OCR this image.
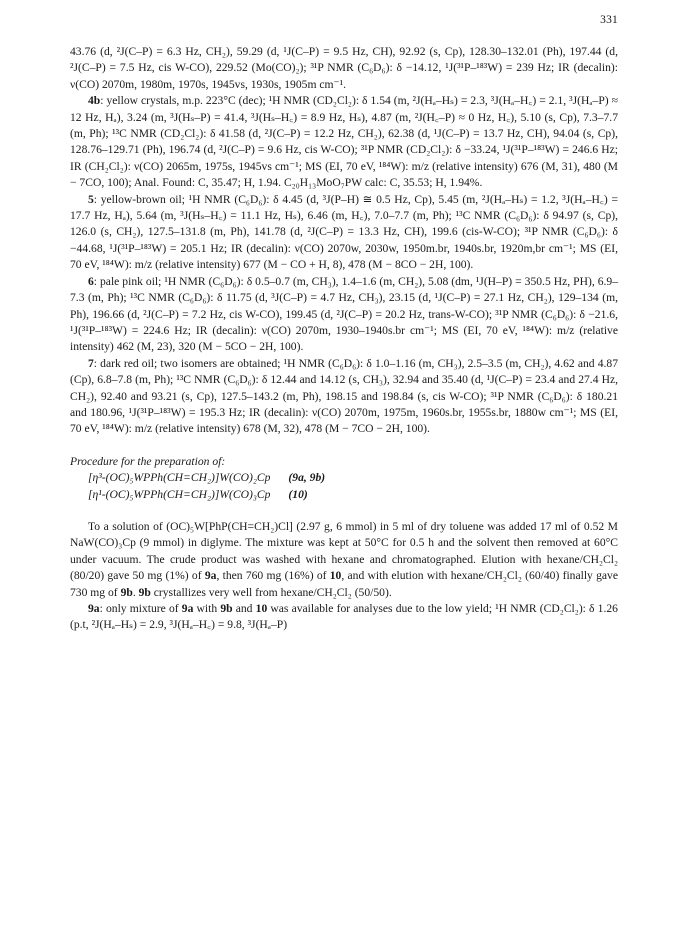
331

43.76 (d, ²J(C–P) = 6.3 Hz, CH₂), 59.29 (d, ¹J(C–P) = 9.5 Hz, CH), 92.92 (s, Cp), 128.30–132.01 (Ph), 197.44 (d, ²J(C–P) = 7.5 Hz, cis W-CO), 229.52 (Mo(CO)₂); ³¹P NMR (C₆D₆): δ −14.12, ¹J(³¹P–¹⁸³W) = 239 Hz; IR (decalin): ν(CO) 2070m, 1980m, 1970s, 1945vs, 1930s, 1905m cm⁻¹.

4b: yellow crystals, m.p. 223°C (dec); ¹H NMR (CD₂Cl₂): δ 1.54 (m, ²J(Hₐ–Hₛ) = 2.3, ³J(Hₐ–H꜀) = 2.1, ³J(Hₐ–P) ≈ 12 Hz, Hₐ), 3.24 (m, ³J(Hₛ–P) = 41.4, ³J(Hₛ–H꜀) = 8.9 Hz, Hₛ), 4.87 (m, ²J(H꜀–P) ≈ 0 Hz, H꜀), 5.10 (s, Cp), 7.3–7.7 (m, Ph); ¹³C NMR (CD₂Cl₂): δ 41.58 (d, ²J(C–P) = 12.2 Hz, CH₂), 62.38 (d, ¹J(C–P) = 13.7 Hz, CH), 94.04 (s, Cp), 128.76–129.71 (Ph), 196.74 (d, ²J(C–P) = 9.6 Hz, cis W-CO); ³¹P NMR (CD₂Cl₂): δ −33.24, ¹J(³¹P–¹⁸³W) = 246.6 Hz; IR (CH₂Cl₂): ν(CO) 2065m, 1975s, 1945vs cm⁻¹; MS (EI, 70 eV, ¹⁸⁴W): m/z (relative intensity) 676 (M, 31), 480 (M − 7CO, 100); Anal. Found: C, 35.47; H, 1.94. C₂₀H₁₃MoO₇PW calc: C, 35.53; H, 1.94%.

5: yellow-brown oil; ¹H NMR (C₆D₆): δ 4.45 (d, ³J(P–H) ≅ 0.5 Hz, Cp), 5.45 (m, ²J(Hₐ–Hₛ) = 1.2, ³J(Hₐ–H꜀) = 17.7 Hz, Hₐ), 5.64 (m, ³J(Hₛ–H꜀) = 11.1 Hz, Hₛ), 6.46 (m, H꜀), 7.0–7.7 (m, Ph); ¹³C NMR (C₆D₆): δ 94.97 (s, Cp), 126.0 (s, CH₂), 127.5–131.8 (m, Ph), 141.78 (d, ²J(C–P) = 13.3 Hz, CH), 199.6 (cis-W-CO); ³¹P NMR (C₆D₆): δ −44.68, ¹J(³¹P–¹⁸³W) = 205.1 Hz; IR (decalin): ν(CO) 2070w, 2030w, 1950m.br, 1940s.br, 1920m,br cm⁻¹; MS (EI, 70 eV, ¹⁸⁴W): m/z (relative intensity) 677 (M − CO + H, 8), 478 (M − 8CO − 2H, 100).

6: pale pink oil; ¹H NMR (C₆D₆): δ 0.5–0.7 (m, CH₃), 1.4–1.6 (m, CH₂), 5.08 (dm, ¹J(H–P) = 350.5 Hz, PH), 6.9–7.3 (m, Ph); ¹³C NMR (C₆D₆): δ 11.75 (d, ³J(C–P) = 4.7 Hz, CH₃), 23.15 (d, ¹J(C–P) = 27.1 Hz, CH₂), 129–134 (m, Ph), 196.66 (d, ²J(C–P) = 7.2 Hz, cis W-CO), 199.45 (d, ²J(C–P) = 20.2 Hz, trans-W-CO); ³¹P NMR (C₆D₆): δ −21.6, ¹J(³¹P–¹⁸³W) = 224.6 Hz; IR (decalin): ν(CO) 2070m, 1930–1940s.br cm⁻¹; MS (EI, 70 eV, ¹⁸⁴W): m/z (relative intensity) 462 (M, 23), 320 (M − 5CO − 2H, 100).

7: dark red oil; two isomers are obtained; ¹H NMR (C₆D₆): δ 1.0–1.16 (m, CH₃), 2.5–3.5 (m, CH₂), 4.62 and 4.87 (Cp), 6.8–7.8 (m, Ph); ¹³C NMR (C₆D₆): δ 12.44 and 14.12 (s, CH₃), 32.94 and 35.40 (d, ¹J(C–P) = 23.4 and 27.4 Hz, CH₂), 92.40 and 93.21 (s, Cp), 127.5–143.2 (m, Ph), 198.15 and 198.84 (s, cis W-CO); ³¹P NMR (C₆D₆): δ 180.21 and 180.96, ¹J(³¹P–¹⁸³W) = 195.3 Hz; IR (decalin): ν(CO) 2070m, 1975m, 1960s.br, 1955s.br, 1880w cm⁻¹; MS (EI, 70 eV, ¹⁸⁴W): m/z (relative intensity) 678 (M, 32), 478 (M − 7CO − 2H, 100).

Procedure for the preparation of:

[η³-(OC)₅WPPh(CH=CH₂)]W(CO)₂Cp (9a, 9b)

[η¹-(OC)₅WPPh(CH=CH₂)]W(CO)₃Cp (10)

To a solution of (OC)₅W[PhP(CH=CH₂)Cl] (2.97 g, 6 mmol) in 5 ml of dry toluene was added 17 ml of 0.52 M NaW(CO)₃Cp (9 mmol) in diglyme. The mixture was kept at 50°C for 0.5 h and the solvent then removed at 60°C under vacuum. The crude product was washed with hexane and chromatographed. Elution with hexane/CH₂Cl₂ (80/20) gave 50 mg (1%) of 9a, then 760 mg (16%) of 10, and with elution with hexane/CH₂Cl₂ (60/40) finally gave 730 mg of 9b. 9b crystallizes very well from hexane/CH₂Cl₂ (50/50).

9a: only mixture of 9a with 9b and 10 was available for analyses due to the low yield; ¹H NMR (CD₂Cl₂): δ 1.26 (p.t, ²J(Hₐ–Hₛ) = 2.9, ³J(Hₐ–H꜀) = 9.8, ³J(Hₐ–P)
